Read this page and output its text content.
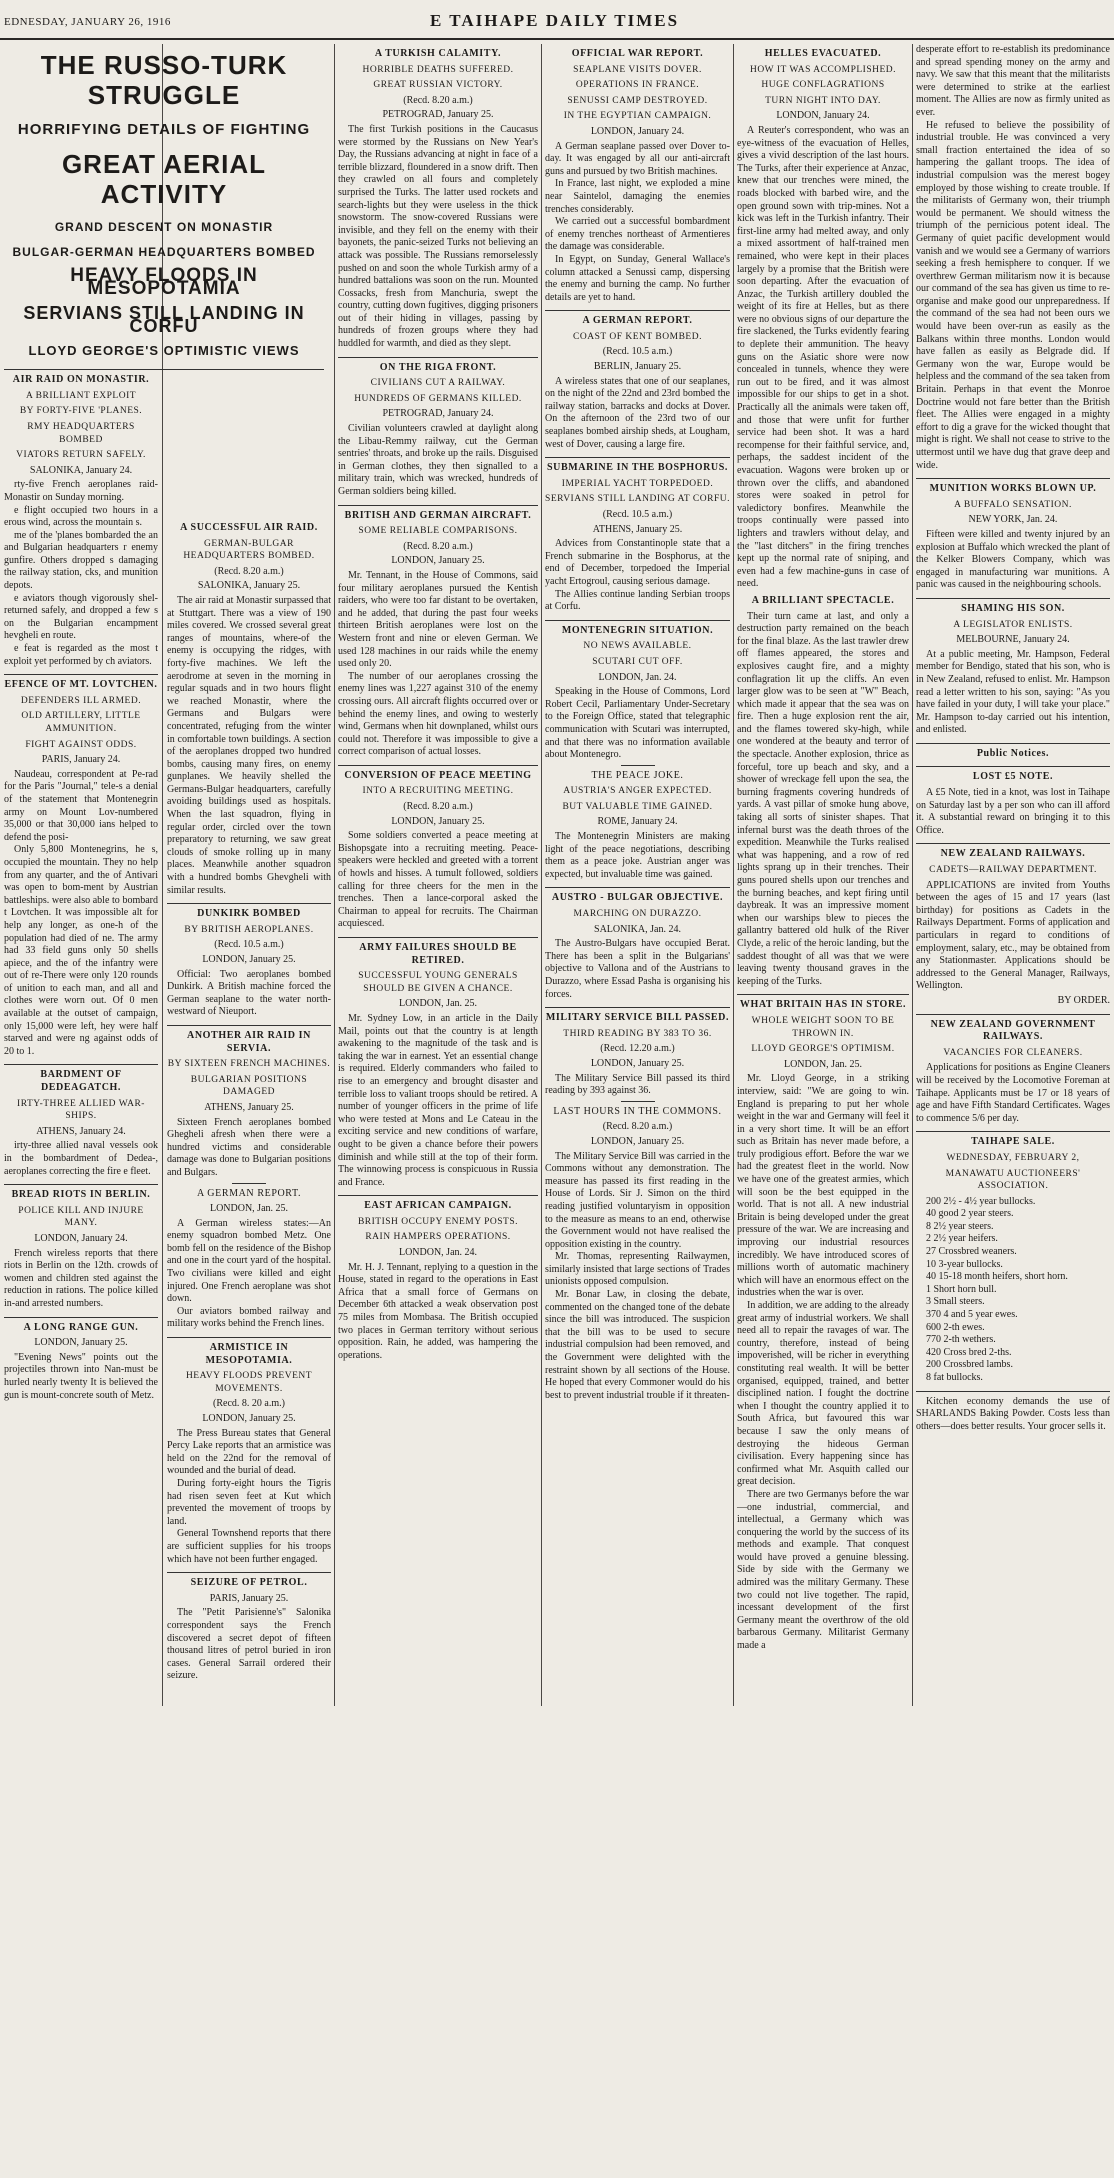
EDNESDAY, JANUARY 26, 1916	E TAIHAPE DAILY TIMES
THE RUSSO-TURK STRUGGLE
HORRIFYING DETAILS OF FIGHTING
GREAT AERIAL ACTIVITY
GRAND DESCENT ON MONASTIR
BULGAR-GERMAN HEADQUARTERS BOMBED
HEAVY FLOODS IN MESOPOTAMIA
SERVIANS STILL LANDING IN CORFU
LLOYD GEORGE'S OPTIMISTIC VIEWS
AIR RAID ON MONASTIR.
A BRILLIANT EXPLOIT
BY FORTY-FIVE 'PLANES.
RMY HEADQUARTERS BOMBED
VIATORS RETURN SAFELY.
SALONIKA, January 24.

rty-five French aeroplanes raid-Monastir on Sunday morning.

e flight occupied two hours in a erous wind, across the mountain s.

me of the 'planes bombarded the an and Bulgarian headquarters r enemy gunfire. Others dropped s damaging the railway station, cks, and munition depots.

e aviators though vigorously shel-returned safely, and dropped a few s on the Bulgarian encampment hevgheli en route.

e feat is regarded as the most t exploit yet performed by ch aviators.

EFENCE OF MT. LOVTCHEN.
DEFENDERS ILL ARMED.
OLD ARTILLERY, LITTLE AMMUNITION.
FIGHT AGAINST ODDS.
PARIS, January 24.

Naudeau, correspondent at Pe-rad for the Paris "Journal," tele-s a denial of the statement that Montenegrin army on Mount Lov-numbered 35,000 or that 30,000 ians helped to defend the posi-

Only 5,800 Montenegrins, he s, occupied the mountain. They no help from any quarter, and the of Antivari was open to bom-ment by Austrian battleships. were also able to bombard t Lovtchen. It was impossible alt for help any longer, as one-h of the population had died of ne. The army had 33 field guns only 50 shells apiece, and the of the infantry were out of re-There were only 120 rounds of unition to each man, and all and clothes were worn out. Of 0 men available at the outset of campaign, only 15,000 were left, hey were half starved and were ng against odds of 20 to 1.

BARDMENT OF DEDEAGATCH.
IRTY-THREE ALLIED WAR-SHIPS.
ATHENS, January 24.

irty-three allied naval vessels ook in the bombardment of Dedea-, aeroplanes correcting the fire e fleet.

BREAD RIOTS IN BERLIN.
POLICE KILL AND INJURE MANY.
LONDON, January 24.

French wireless reports that there riots in Berlin on the 12th. crowds of women and children sted against the reduction in rations. The police killed in-and arrested numbers.

A LONG RANGE GUN.
LONDON, January 25.

"Evening News" points out the projectiles thrown into Nan-must be hurled nearly twenty It is believed the gun is mount-concrete south of Metz.

A SUCCESSFUL AIR RAID.
GERMAN-BULGAR HEADQUARTERS BOMBED.
(Recd. 8.20 a.m.)
SALONIKA, January 25.

The air raid at Monastir surpassed that at Stuttgart. There was a view of 190 miles covered. We crossed several great ranges of mountains, where-of the enemy is occupying the ridges, with forty-five machines. We left the aerodrome at seven in the morning in regular squads and in two hours flight we reached Monastir, where the Germans and Bulgars were concentrated, refuging from the winter in comfortable town buildings. A section of the aeroplanes dropped two hundred bombs, causing many fires, on enemy gunplanes. We heavily shelled the Germans-Bulgar headquarters, carefully avoiding buildings used as hospitals. When the last squadron, flying in regular order, circled over the town preparatory to returning, we saw great clouds of smoke rolling up in many places. Meanwhile another squadron with a hundred bombs Ghevgheli with similar results.

DUNKIRK BOMBED
BY BRITISH AEROPLANES.
(Recd. 10.5 a.m.)
LONDON, January 25.

Official: Two aeroplanes bombed Dunkirk. A British machine forced the German seaplane to the water north-westward of Nieuport.

ANOTHER AIR RAID IN SERVIA.
BY SIXTEEN FRENCH MACHINES.
BULGARIAN POSITIONS DAMAGED
ATHENS, January 25.

Sixteen French aeroplanes bombed Ghegheli afresh when there were a hundred victims and considerable damage was done to Bulgarian positions and Bulgars.

A GERMAN REPORT.
LONDON, Jan. 25.

A German wireless states:—An enemy squadron bombed Metz. One bomb fell on the residence of the Bishop and one in the court yard of the hospital. Two civilians were killed and eight injured. One French aeroplane was shot down.

Our aviators bombed railway and military works behind the French lines.

ARMISTICE IN MESOPOTAMIA.
HEAVY FLOODS PREVENT MOVEMENTS.
(Recd. 8. 20 a.m.)
LONDON, January 25.

The Press Bureau states that General Percy Lake reports that an armistice was held on the 22nd for the removal of wounded and the burial of dead.

During forty-eight hours the Tigris had risen seven feet at Kut which prevented the movement of troops by land.

General Townshend reports that there are sufficient supplies for his troops which have not been further engaged.

SEIZURE OF PETROL.
PARIS, January 25.

The "Petit Parisienne's" Salonika correspondent says the French discovered a secret depot of fifteen thousand litres of petrol buried in iron cases. General Sarrail ordered their seizure.

A TURKISH CALAMITY.
HORRIBLE DEATHS SUFFERED.
GREAT RUSSIAN VICTORY.
(Recd. 8.20 a.m.)
PETROGRAD, January 25.

The first Turkish positions in the Caucasus were stormed by the Russians on New Year's Day, the Russians advancing at night in face of a terrible blizzard, floundered in a snow drift. Then they crawled on all fours and completely surprised the Turks. The latter used rockets and search-lights but they were useless in the thick snowstorm. The snow-covered Russians were invisible, and they fell on the enemy with their bayonets, the panic-seized Turks not believing an attack was possible. The Russians remorselessly pushed on and soon the whole Turkish army of a hundred battalions was soon on the run. Mounted Cossacks, fresh from Manchuria, swept the country, cutting down fugitives, digging prisoners out of their hiding in villages, passing by hundreds of frozen groups where they had huddled for warmth, and died as they slept.

ON THE RIGA FRONT.
CIVILIANS CUT A RAILWAY.
HUNDREDS OF GERMANS KILLED.
PETROGRAD, January 24.

Civilian volunteers crawled at daylight along the Libau-Remmy railway, cut the German sentries' throats, and broke up the rails. Disguised in German clothes, they then signalled to a military train, which was wrecked, hundreds of German soldiers being killed.

BRITISH AND GERMAN AIRCRAFT.
SOME RELIABLE COMPARISONS.
(Recd. 8.20 a.m.)
LONDON, January 25.

Mr. Tennant, in the House of Commons, said four military aeroplanes pursued the Kentish raiders, who were too far distant to be overtaken, and he added, that during the past four weeks thirteen British aeroplanes were lost on the Western front and nine or eleven German. We used 128 machines in our raids while the enemy used only 20.

The number of our aeroplanes crossing the enemy lines was 1,227 against 310 of the enemy crossing ours. All aircraft flights occurred over or behind the enemy lines, and owing to westerly wind, Germans when hit downplaned, whilst ours could not. Therefore it was impossible to give a correct comparison of actual losses.

CONVERSION OF PEACE MEETING
INTO A RECRUITING MEETING.
(Recd. 8.20 a.m.)
LONDON, January 25.

Some soldiers converted a peace meeting at Bishopsgate into a recruiting meeting. Peace-speakers were heckled and greeted with a torrent of howls and hisses. A tumult followed, soldiers calling for three cheers for the men in the trenches. Then a lance-corporal asked the Chairman to appeal for recruits. The Chairman acquiesced.

ARMY FAILURES SHOULD BE RETIRED.
SUCCESSFUL YOUNG GENERALS SHOULD BE GIVEN A CHANCE.
LONDON, Jan. 25.

Mr. Sydney Low, in an article in the Daily Mail, points out that the country is at length awakening to the magnitude of the task and is taking the war in earnest. Yet an essential change is required. Elderly commanders who failed to rise to an emergency and brought disaster and terrible loss to valiant troops should be retired. A number of younger officers in the prime of life who were tested at Mons and Le Cateau in the exciting service and new conditions of warfare, ought to be given a chance before their powers diminish and while still at the top of their form. The winnowing process is conspicuous in Russia and France.

EAST AFRICAN CAMPAIGN.
BRITISH OCCUPY ENEMY POSTS.
RAIN HAMPERS OPERATIONS.
LONDON, Jan. 24.

Mr. H. J. Tennant, replying to a question in the House, stated in regard to the operations in East Africa that a small force of Germans on December 6th attacked a weak observation post 75 miles from Mombasa. The British occupied two places in German territory without serious opposition. Rain, he added, was hampering the operations.

OFFICIAL WAR REPORT.
SEAPLANE VISITS DOVER.
OPERATIONS IN FRANCE.
SENUSSI CAMP DESTROYED.
IN THE EGYPTIAN CAMPAIGN.
LONDON, January 24.

A German seaplane passed over Dover to-day. It was engaged by all our anti-aircraft guns and pursued by two British machines.

In France, last night, we exploded a mine near Saintelol, damaging the enemies trenches considerably.

We carried out a successful bombardment of enemy trenches northeast of Armentieres the damage was considerable.

In Egypt, on Sunday, General Wallace's column attacked a Senussi camp, dispersing the enemy and burning the camp. No further details are yet to hand.

A GERMAN REPORT.
COAST OF KENT BOMBED.
(Recd. 10.5 a.m.)
BERLIN, January 25.

A wireless states that one of our seaplanes, on the night of the 22nd and 23rd bombed the railway station, barracks and docks at Dover. On the afternoon of the 23rd two of our seaplanes bombed airship sheds, at Lougham, west of Dover, causing a large fire.

SUBMARINE IN THE BOSPHORUS.
IMPERIAL YACHT TORPEDOED.
SERVIANS STILL LANDING AT CORFU.
(Recd. 10.5 a.m.)
ATHENS, January 25.

Advices from Constantinople state that a French submarine in the Bosphorus, at the end of December, torpedoed the Imperial yacht Ertogroul, causing serious damage.

The Allies continue landing Serbian troops at Corfu.

MONTENEGRIN SITUATION.
NO NEWS AVAILABLE.
SCUTARI CUT OFF.
LONDON, Jan. 24.

Speaking in the House of Commons, Lord Robert Cecil, Parliamentary Under-Secretary to the Foreign Office, stated that telegraphic communication with Scutari was interrupted, and that there was no information available about Montenegro.

THE PEACE JOKE.
AUSTRIA'S ANGER EXPECTED.
BUT VALUABLE TIME GAINED.
ROME, January 24.

The Montenegrin Ministers are making light of the peace negotiations, describing them as a peace joke. Austrian anger was expected, but invaluable time was gained.

AUSTRO - BULGAR OBJECTIVE.
MARCHING ON DURAZZO.
SALONIKA, Jan. 24.

The Austro-Bulgars have occupied Berat. There has been a split in the Bulgarians' objective to Vallona and of the Austrians to Durazzo, where Essad Pasha is organising his forces.

MILITARY SERVICE BILL PASSED.
THIRD READING BY 383 TO 36.
(Recd. 12.20 a.m.)
LONDON, January 25.

The Military Service Bill passed its third reading by 393 against 36.

LAST HOURS IN THE COMMONS.
(Recd. 8.20 a.m.)
LONDON, January 25.

The Military Service Bill was carried in the Commons without any demonstration. The measure has passed its first reading in the House of Lords. Sir J. Simon on the third reading justified voluntaryism in opposition to the measure as means to an end, otherwise the Government would not have realised the opposition existing in the country.

Mr. Thomas, representing Railwaymen, similarly insisted that large sections of Trades unionists opposed compulsion.

Mr. Bonar Law, in closing the debate, commented on the changed tone of the debate since the bill was introduced. The suspicion that the bill was to be used to secure industrial compulsion had been removed, and the Government were delighted with the restraint shown by all sections of the House. He hoped that every Commoner would do his best to prevent industrial trouble if it threaten-

HELLES EVACUATED.
HOW IT WAS ACCOMPLISHED.
HUGE CONFLAGRATIONS
TURN NIGHT INTO DAY.
LONDON, January 24.

A Reuter's correspondent, who was an eye-witness of the evacuation of Helles, gives a vivid description of the last hours. The Turks, after their experience at Anzac, knew that our trenches were mined, the roads blocked with barbed wire, and the open ground sown with trip-mines. Not a kick was left in the Turkish infantry. Their first-line army had melted away, and only a mixed assortment of half-trained men remained, who were kept in their places largely by a promise that the British were soon departing. After the evacuation of Anzac, the Turkish artillery doubled the weight of its fire at Helles, but as there were no obvious signs of our departure the fire slackened, the Turks evidently fearing to deplete their ammunition. The heavy guns on the Asiatic shore were now concealed in tunnels, whence they were run out to be fired, and it was almost impossible for our ships to get in a shot. Practically all the animals were taken off, and those that were unfit for further service had been shot. It was a hard recompense for their faithful service, and, perhaps, the saddest incident of the evacuation. Wagons were broken up or thrown over the cliffs, and abandoned stores were soaked in petrol for valedictory bonfires. Meanwhile the troops continually were passed into lighters and trawlers without delay, and the "last ditchers" in the firing trenches kept up the normal rate of sniping, and even had a few machine-guns in case of need.

A BRILLIANT SPECTACLE.

Their turn came at last, and only a destruction party remained on the beach for the final blaze. As the last trawler drew off flames appeared, the stores and explosives caught fire, and a mighty conflagration lit up the cliffs. An even larger glow was to be seen at "W" Beach, which made it appear that the sea was on fire. Then a huge explosion rent the air, and the flames towered sky-high, while one wondered at the beauty and terror of the spectacle. Another explosion, thrice as forceful, tore up beach and sky, and a shower of wreckage fell upon the sea, the burning fragments covering hundreds of yards. A vast pillar of smoke hung above, taking all sorts of sinister shapes. That infernal burst was the death throes of the expedition. Meanwhile the Turks realised what was happening, and a row of red lights sprang up in their trenches. Their guns poured shells upon our trenches and the burning beaches, and kept firing until daybreak. It was an impressive moment when our warships blew to pieces the gallantry battered old hulk of the River Clyde, a relic of the heroic landing, but the saddest thought of all was that we were leaving twenty thousand graves in the keeping of the Turks.

WHAT BRITAIN HAS IN STORE.
WHOLE WEIGHT SOON TO BE THROWN IN.
LLOYD GEORGE'S OPTIMISM.
LONDON, Jan. 25.

Mr. Lloyd George, in a striking interview, said: "We are going to win. England is preparing to put her whole weight in the war and Germany will feel it in a very short time. It will be an effort such as Britain has never made before, a truly prodigious effort. Before the war we had the greatest fleet in the world. Now we have one of the greatest armies, which will soon be the best equipped in the world. That is not all. A new industrial Britain is being developed under the great pressure of the war. We are increasing and improving our industrial resources incredibly. We have introduced scores of millions worth of automatic machinery which will have an enormous effect on the industries when the war is over.

In addition, we are adding to the already great army of industrial workers. We shall need all to repair the ravages of war. The country, therefore, instead of being impoverished, will be richer in everything constituting real wealth. It will be better organised, equipped, trained, and better disciplined nation. I fought the doctrine when I thought the country applied it to South Africa, but favoured this war because I saw the only means of destroying the hideous German civilisation. Every happening since has confirmed what Mr. Asquith called our great decision.

There are two Germanys before the war—one industrial, commercial, and intellectual, a Germany which was conquering the world by the success of its methods and example. That conquest would have proved a genuine blessing. Side by side with the Germany we admired was the military Germany. These two could not live together. The rapid, incessant development of the first Germany meant the overthrow of the old barbarous Germany. Militarist Germany made a

desperate effort to re-establish its predominance and spread spending money on the army and navy. We saw that this meant that the militarists were determined to strike at the earliest moment. The Allies are now as firmly united as ever.

He refused to believe the possibility of industrial trouble. He was convinced a very small fraction entertained the idea of so hampering the gallant troops. The idea of industrial compulsion was the merest bogey employed by those wishing to create trouble. If the militarists of Germany won, their triumph would be permanent. We should witness the triumph of the pernicious potent ideal. The Germany of quiet pacific development would vanish and we would see a Germany of warriors seeking a fresh hemisphere to conquer. If we overthrew German militarism now it is because our command of the sea has given us time to re-organise and make good our unpreparedness. If the command of the sea had not been ours we would have been over-run as easily as the Balkans within three months. London would have fallen as easily as Belgrade did. If Germany won the war, Europe would be helpless and the command of the sea taken from Britain. Perhaps in that event the Monroe Doctrine would not fare better than the British fleet. The Allies were engaged in a mighty effort to dig a grave for the wicked thought that might is right. We shall not cease to strive to the uttermost until we have dug that grave deep and wide.

MUNITION WORKS BLOWN UP.
A BUFFALO SENSATION.
NEW YORK, Jan. 24.

Fifteen were killed and twenty injured by an explosion at Buffalo which wrecked the plant of the Kelker Blowers Company, which was engaged in manufacturing war munitions. A panic was caused in the neighbouring schools.

SHAMING HIS SON.
A LEGISLATOR ENLISTS.
MELBOURNE, January 24.

At a public meeting, Mr. Hampson, Federal member for Bendigo, stated that his son, who is in New Zealand, refused to enlist. Mr. Hampson read a letter written to his son, saying: "As you have failed in your duty, I will take your place." Mr. Hampson to-day carried out his intention, and enlisted.

Public Notices.
LOST £5 NOTE.

A £5 Note, tied in a knot, was lost in Taihape on Saturday last by a per son who can ill afford it. A substantial reward on bringing it to this Office.

NEW ZEALAND RAILWAYS.
CADETS—RAILWAY DEPARTMENT.

APPLICATIONS are invited from Youths between the ages of 15 and 17 years (last birthday) for positions as Cadets in the Railways Department. Forms of application and particulars in regard to conditions of employment, salary, etc., may be obtained from any Stationmaster. Applications should be addressed to the General Manager, Railways, Wellington.

BY ORDER.
NEW ZEALAND GOVERNMENT RAILWAYS.
VACANCIES FOR CLEANERS.

Applications for positions as Engine Cleaners will be received by the Locomotive Foreman at Taihape. Applicants must be 17 or 18 years of age and have Fifth Standard Certificates. Wages to commence 5/6 per day.

TAIHAPE SALE.
WEDNESDAY, FEBRUARY 2,
MANAWATU AUCTIONEERS' ASSOCIATION.

200 2½ - 4½ year bullocks.

40 good 2 year steers.

8 2½ year steers.

2 2½ year heifers.

27 Crossbred weaners.

10 3-year bullocks.

40 15-18 month heifers, short horn.

1 Short horn bull.

3 Small steers.

370 4 and 5 year ewes.

600 2-th ewes.

770 2-th wethers.

420 Cross bred 2-ths.

200 Crossbred lambs.

8 fat bullocks.

Kitchen economy demands the use of SHARLANDS Baking Powder. Costs less than others—does better results. Your grocer sells it.
